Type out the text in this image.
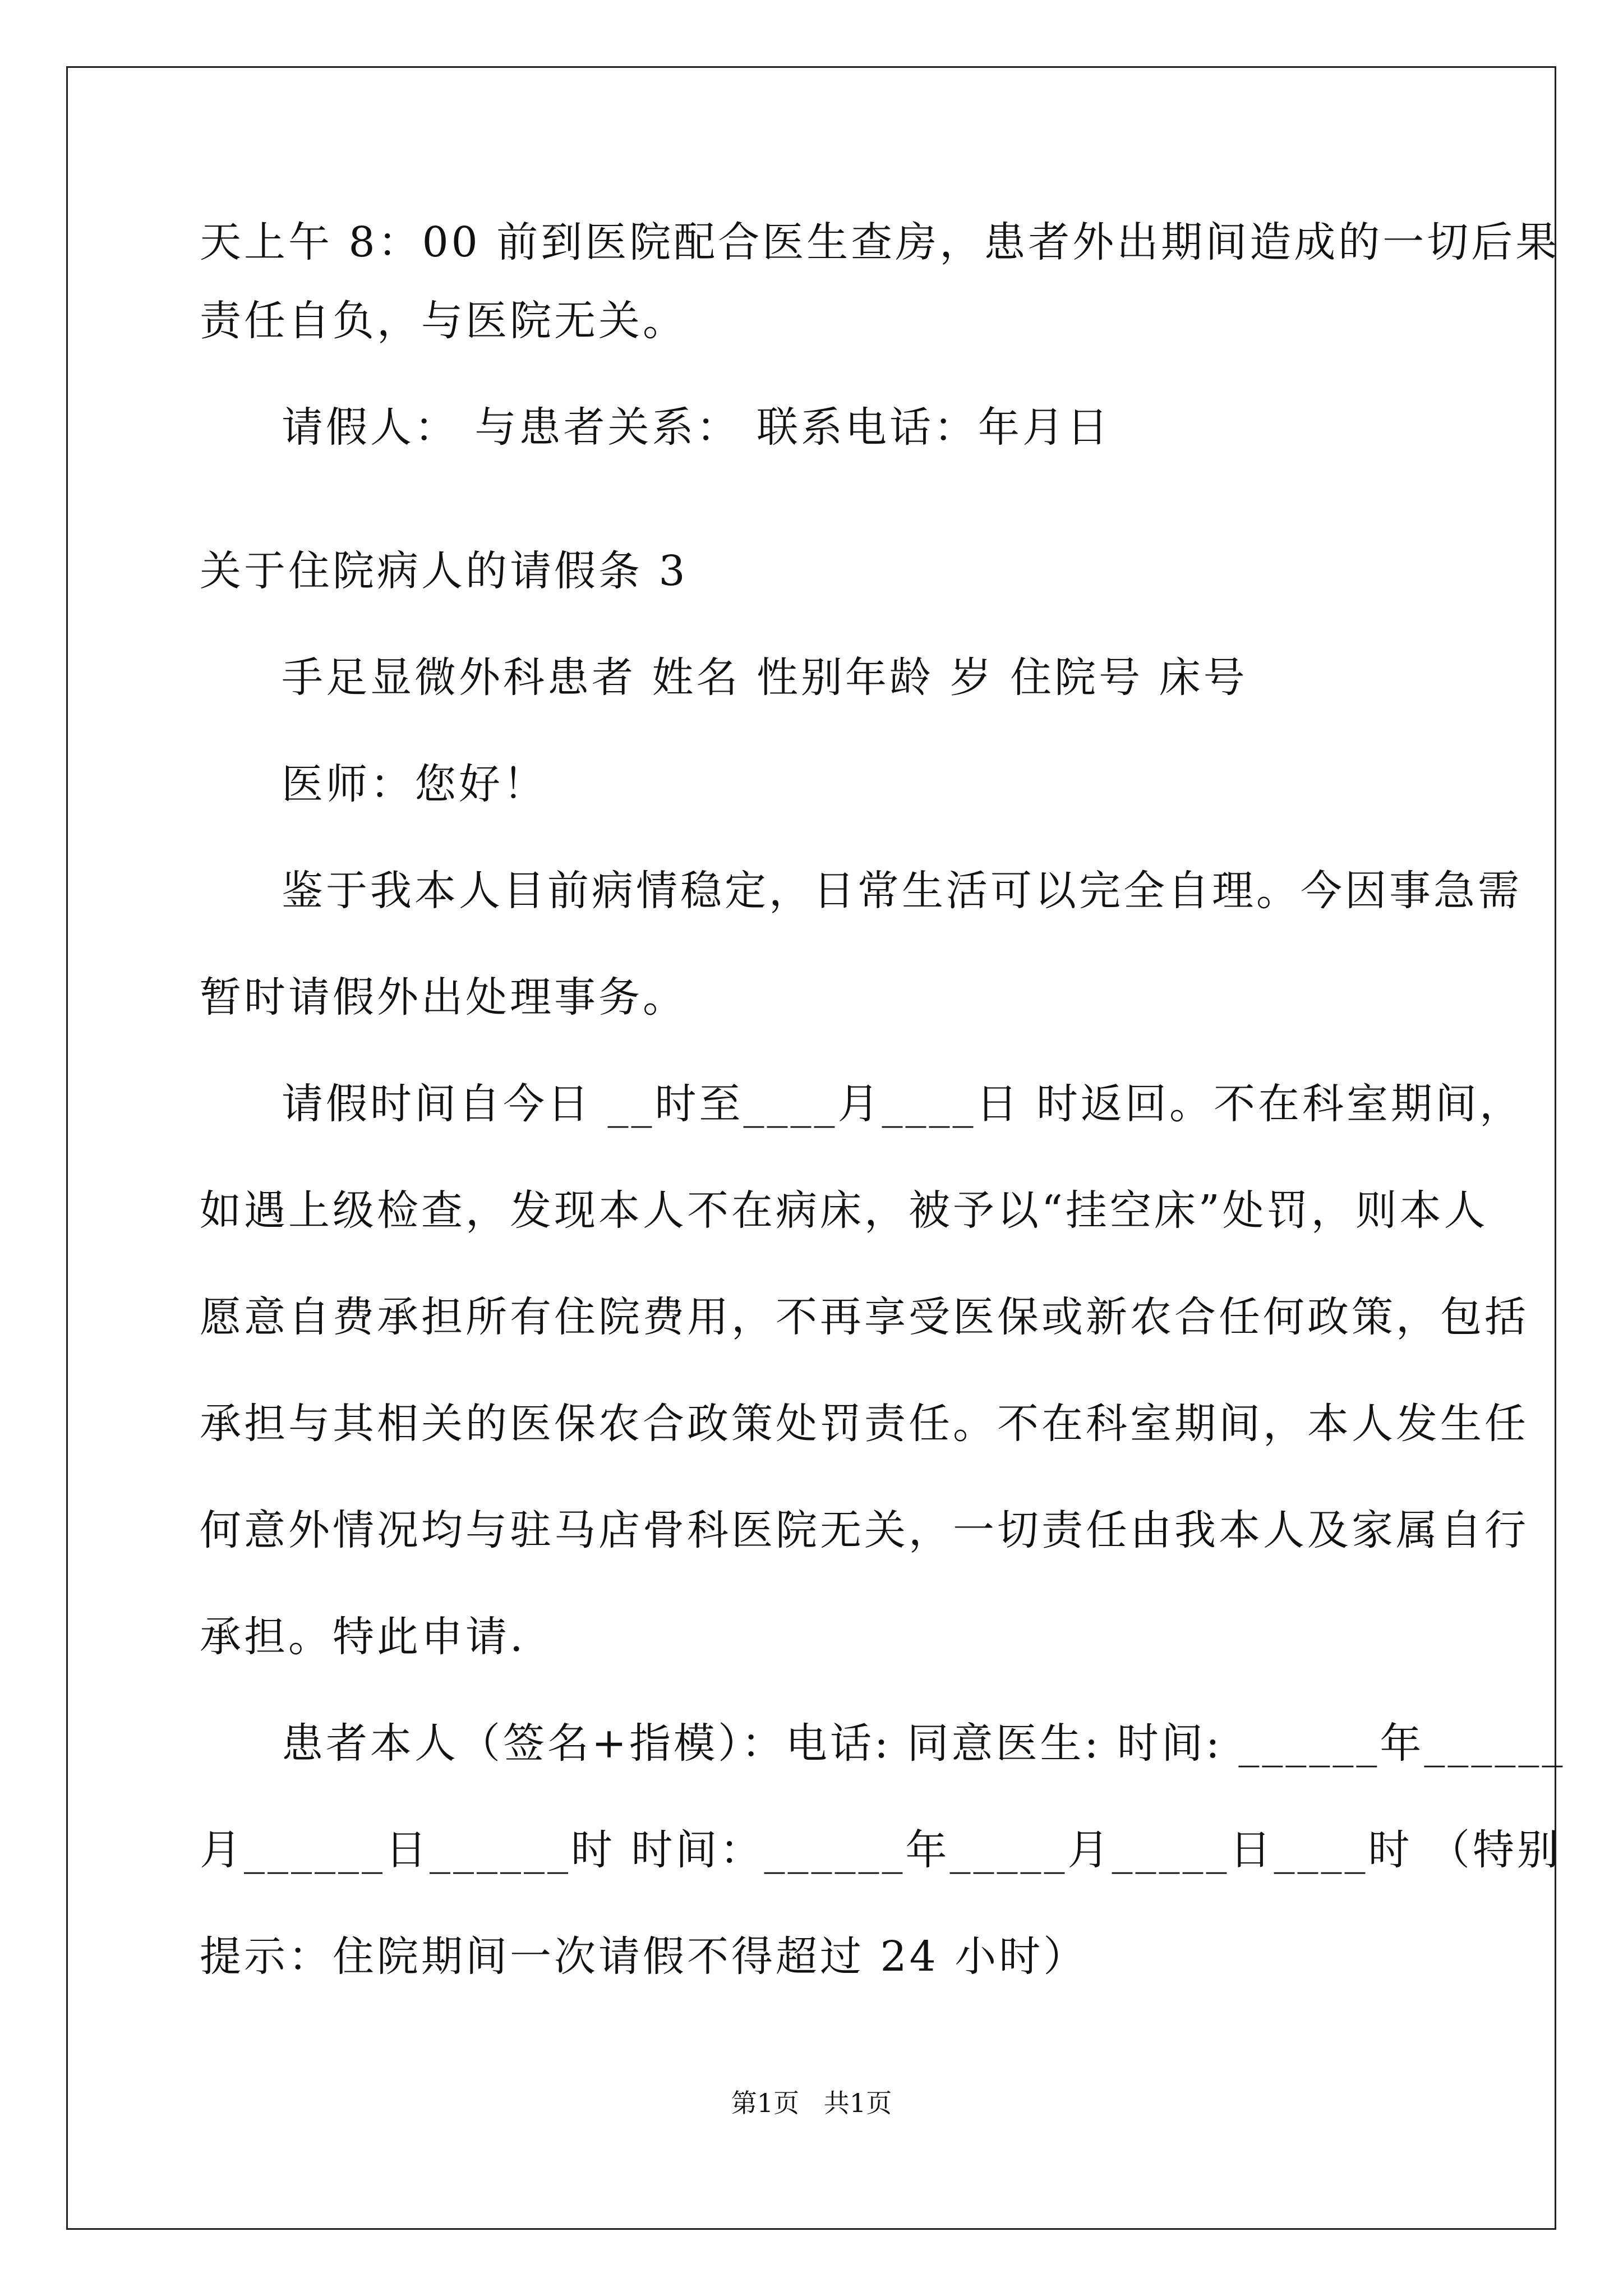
天上午 8：00 前到医院配合医生查房，患者外出期间造成的一切后果
责任自负，与医院无关。
请假人： 与患者关系： 联系电话：年月日
关于住院病人的请假条 3
手足显微外科患者 姓名 性别年龄 岁 住院号 床号
医师：您好！
鉴于我本人目前病情稳定，日常生活可以完全自理。今因事急需
暂时请假外出处理事务。
请假时间自今日 __时至____月____日 时返回。不在科室期间，
如遇上级检查，发现本人不在病床，被予以“挂空床”处罚，则本人
愿意自费承担所有住院费用，不再享受医保或新农合任何政策，包括
承担与其相关的医保农合政策处罚责任。不在科室期间，本人发生任
何意外情况均与驻马店骨科医院无关，一切责任由我本人及家属自行
承担。特此申请.
患者本人（签名+指模）：电话: 同意医生: 时间: ______年______
月______日______时 时间：______年_____月_____日____时 （特别
提示：住院期间一次请假不得超过 24 小时）
第1页   共1页
